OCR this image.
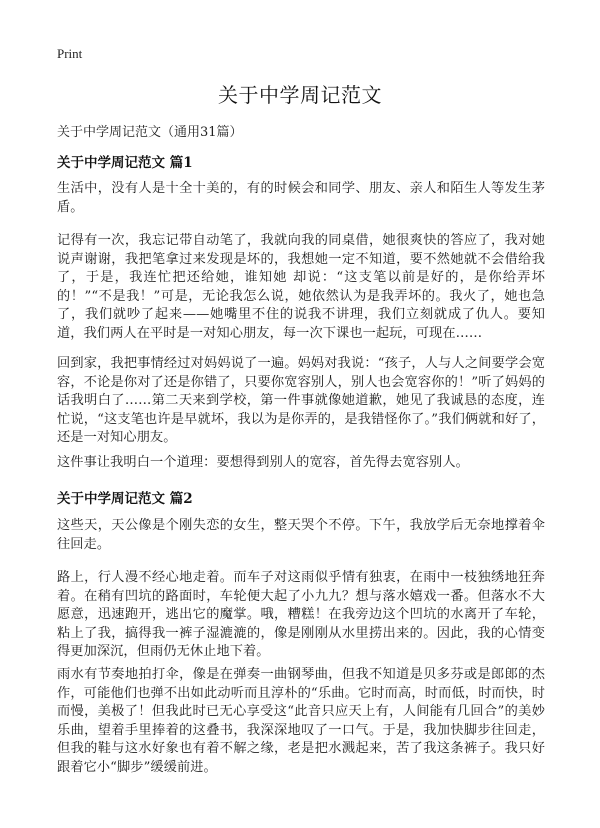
Print
关于中学周记范文
关于中学周记范文（通用31篇）
关于中学周记范文 篇1

生活中，没有人是十全十美的，有的时候会和同学、朋友、亲人和陌生人等发生茅盾。

记得有一次，我忘记带自动笔了，我就向我的同桌借，她很爽快的答应了，我对她说声谢谢，我把笔拿过来发现是坏的，我想她一定不知道，要不然她就不会借给我了，于是，我连忙把还给她，谁知她 却说：“这支笔以前是好的，是你给弄坏的！”“不是我！”可是，无论我怎么说，她依然认为是我弄坏的。我火了，她也急了，我们就吵了起来——她嘴里不住的说我不讲理，我们立刻就成了仇人。要知道，我们两人在平时是一对知心朋友，每一次下课也一起玩，可现在……

回到家，我把事情经过对妈妈说了一遍。妈妈对我说：“孩子，人与人之间要学会宽容，不论是你对了还是你错了，只要你宽容别人，别人也会宽容你的！”听了妈妈的话我明白了……第二天来到学校，第一件事就像她道歉，她见了我诚恳的态度，连忙说，“这支笔也许是早就坏，我以为是你弄的，是我错怪你了。”我们俩就和好了，还是一对知心朋友。

这件事让我明白一个道理：要想得到别人的宽容，首先得去宽容别人。

关于中学周记范文 篇2

这些天，天公像是个刚失恋的女生，整天哭个不停。下午，我放学后无奈地撑着伞往回走。

路上，行人漫不经心地走着。而车子对这雨似乎情有独衷，在雨中一枝独绣地狂奔着。在稍有凹坑的路面时，车轮便大起了小九九？想与落水嬉戏一番。但落水不大愿意，迅速跑开，逃出它的魔掌。哦，糟糕！在我旁边这个凹坑的水离开了车轮，粘上了我，搞得我一裤子湿漉漉的，像是刚刚从水里捞出来的。因此，我的心情变得更加深沉，但雨仍无休止地下着。

雨水有节奏地拍打伞，像是在弹奏一曲钢琴曲，但我不知道是贝多芬或是郎郎的杰作，可能他们也弹不出如此动听而且淳朴的“乐曲。它时而高，时而低，时而快，时而慢，美极了！但我此时已无心享受这“此音只应天上有，人间能有几回合”的美妙乐曲，望着手里捧着的这叠书，我深深地叹了一口气。于是，我加快脚步往回走，但我的鞋与这水好象也有着不解之缘，老是把水溅起来，苦了我这条裤子。我只好跟着它小“脚步”缓缓前进。
